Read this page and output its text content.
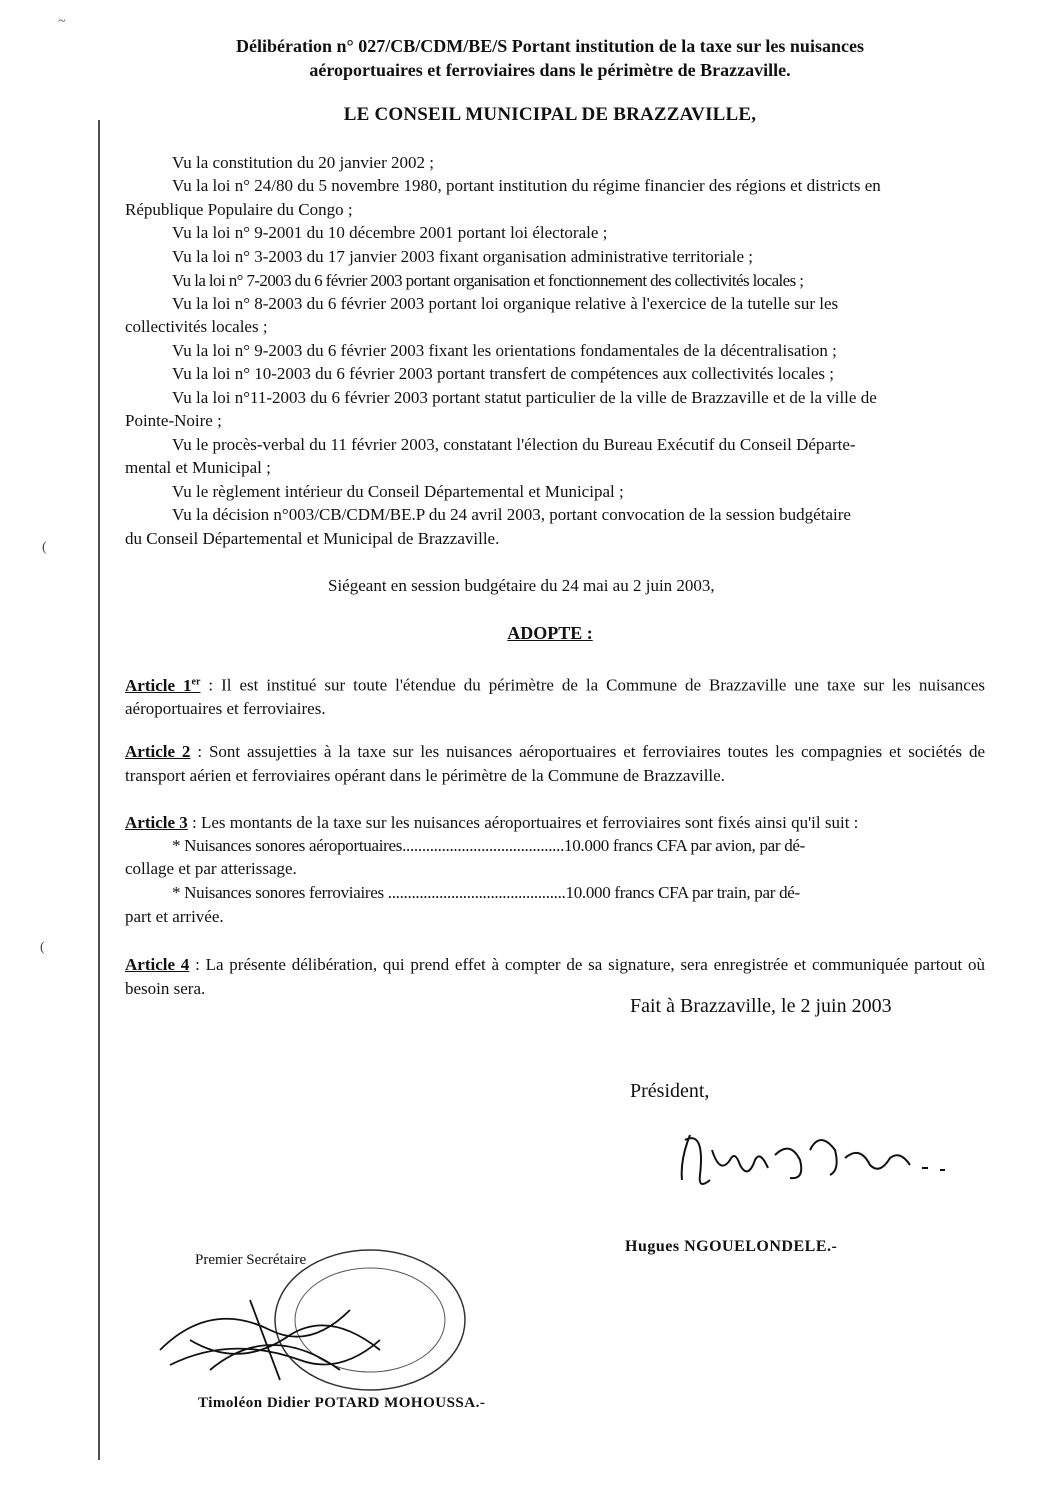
~
(
(
Délibération n° 027/CB/CDM/BE/S Portant institution de la taxe sur les nuisances
aéroportuaires et ferroviaires dans le périmètre de Brazzaville.
LE CONSEIL MUNICIPAL DE BRAZZAVILLE,
Vu la constitution du 20 janvier 2002 ;
Vu la loi n° 24/80 du 5 novembre 1980, portant institution du régime financier des régions et districts en
République Populaire du Congo ;
Vu la loi n° 9-2001 du 10 décembre 2001 portant loi électorale ;
Vu la loi n° 3-2003 du 17 janvier 2003 fixant organisation administrative territoriale ;
Vu la loi n° 7-2003 du 6 février 2003 portant organisation et fonctionnement des collectivités locales ;
Vu la loi n° 8-2003 du 6 février 2003 portant loi organique relative à l'exercice de la tutelle sur les
collectivités locales ;
Vu la loi n° 9-2003 du 6 février 2003 fixant les orientations fondamentales de la décentralisation ;
Vu la loi n° 10-2003 du 6 février 2003 portant transfert de compétences aux collectivités locales ;
Vu la loi n°11-2003 du 6 février 2003 portant statut particulier de la ville de Brazzaville et de la ville de
Pointe-Noire ;
Vu le procès-verbal du 11 février 2003, constatant l'élection du Bureau Exécutif du Conseil Départe-
mental et Municipal ;
Vu le règlement intérieur du Conseil Départemental et Municipal ;
Vu la décision n°003/CB/CDM/BE.P du 24 avril 2003, portant convocation de la session budgétaire
du Conseil Départemental et Municipal de Brazzaville.
Siégeant en session budgétaire du 24 mai au 2 juin 2003,
ADOPTE :
Article 1er : Il est institué sur toute l'étendue du périmètre de la Commune de Brazzaville une taxe sur les nuisances aéroportuaires et ferroviaires.
Article 2 : Sont assujetties à la taxe sur les nuisances aéroportuaires et ferroviaires toutes les compagnies et sociétés de transport aérien et ferroviaires opérant dans le périmètre de la Commune de Brazzaville.
Article 3 : Les montants de la taxe sur les nuisances aéroportuaires et ferroviaires sont fixés ainsi qu'il suit :
* Nuisances sonores aéroportuaires.........................................10.000 francs CFA par avion, par dé-
collage et par atterissage.
* Nuisances sonores ferroviaires .............................................10.000 francs CFA par train, par dé-
part et arrivée.
Article 4 : La présente délibération, qui prend effet à compter de sa signature, sera enregistrée et communiquée partout où besoin sera.
Fait à Brazzaville, le 2 juin 2003
Président,
Hugues NGOUELONDELE.-
Premier Secrétaire
Timoléon Didier POTARD MOHOUSSA.-
